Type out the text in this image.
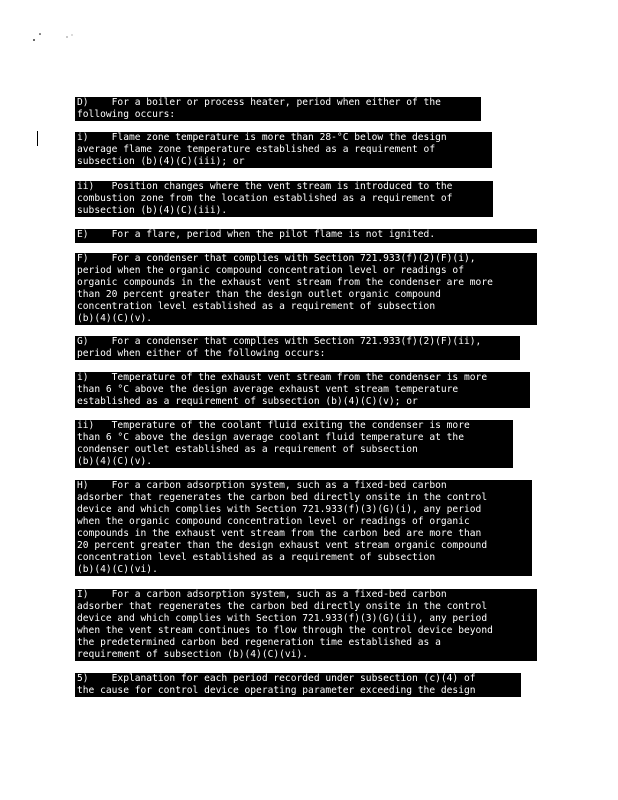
D)    For a boiler or process heater, period when either of the
following occurs:
i)    Flame zone temperature is more than 28-°C below the design
average flame zone temperature established as a requirement of
subsection (b)(4)(C)(iii); or
ii)   Position changes where the vent stream is introduced to the
combustion zone from the location established as a requirement of
subsection (b)(4)(C)(iii).
E)    For a flare, period when the pilot flame is not ignited.
F)    For a condenser that complies with Section 721.933(f)(2)(F)(i),
period when the organic compound concentration level or readings of
organic compounds in the exhaust vent stream from the condenser are more
than 20 percent greater than the design outlet organic compound
concentration level established as a requirement of subsection
(b)(4)(C)(v).
G)    For a condenser that complies with Section 721.933(f)(2)(F)(ii),
period when either of the following occurs:
i)    Temperature of the exhaust vent stream from the condenser is more
than 6 °C above the design average exhaust vent stream temperature
established as a requirement of subsection (b)(4)(C)(v); or
ii)   Temperature of the coolant fluid exiting the condenser is more
than 6 °C above the design average coolant fluid temperature at the
condenser outlet established as a requirement of subsection
(b)(4)(C)(v).
H)    For a carbon adsorption system, such as a fixed-bed carbon
adsorber that regenerates the carbon bed directly onsite in the control
device and which complies with Section 721.933(f)(3)(G)(i), any period
when the organic compound concentration level or readings of organic
compounds in the exhaust vent stream from the carbon bed are more than
20 percent greater than the design exhaust vent stream organic compound
concentration level established as a requirement of subsection
(b)(4)(C)(vi).
I)    For a carbon adsorption system, such as a fixed-bed carbon
adsorber that regenerates the carbon bed directly onsite in the control
device and which complies with Section 721.933(f)(3)(G)(ii), any period
when the vent stream continues to flow through the control device beyond
the predetermined carbon bed regeneration time established as a
requirement of subsection (b)(4)(C)(vi).
5)    Explanation for each period recorded under subsection (c)(4) of
the cause for control device operating parameter exceeding the design
